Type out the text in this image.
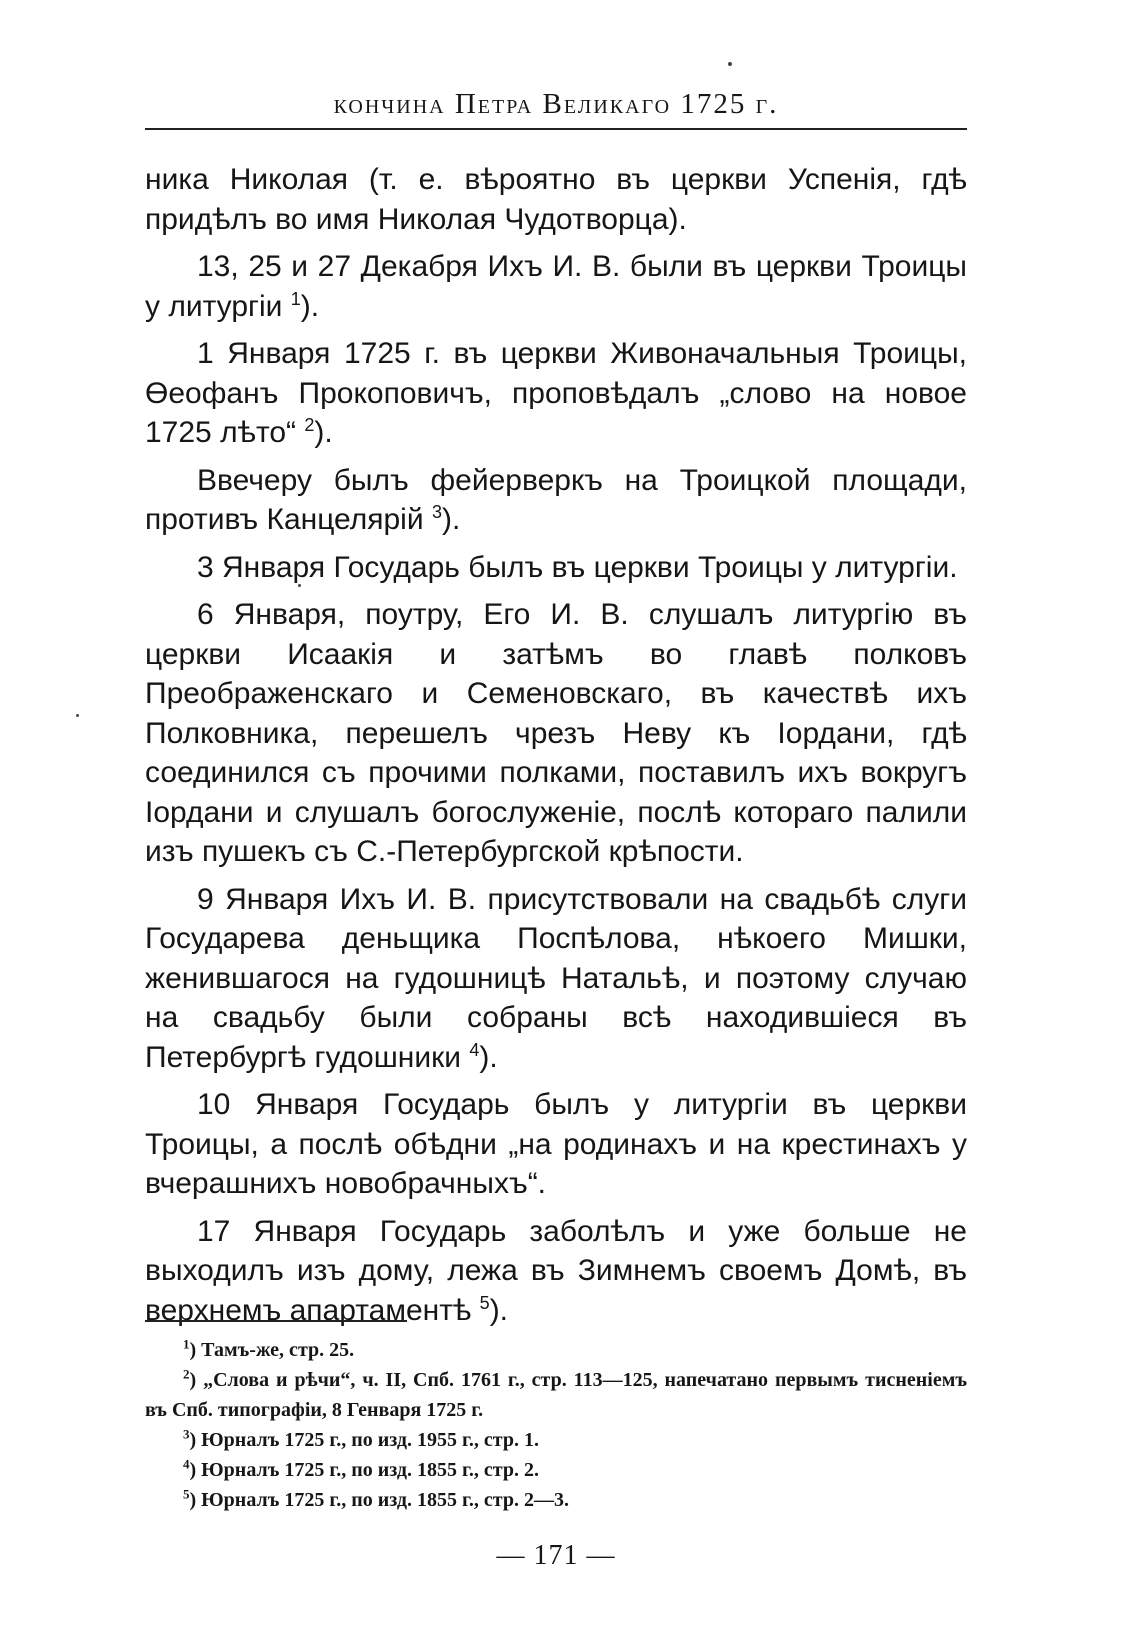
кончина Петра Великаго 1725 г.

ника Николая (т. е. вѣроятно въ церкви Успенія, гдѣ придѣлъ во имя Николая Чудотворца).

13, 25 и 27 Декабря Ихъ И. В. были въ церкви Троицы у литургіи $^1$).

1 Января 1725 г. въ церкви Живоначальныя Троицы, Өеофанъ Прокоповичъ, проповѣдалъ „слово на новое 1725 лѣто“ $^2$).

Ввечеру былъ фейерверкъ на Троицкой площади, противъ Канцелярій $^3$).

3 Января Государь былъ въ церкви Троицы у литургіи.

6 Января, поутру, Его И. В. слушалъ литургію въ церкви Исаакія и затѣмъ во главѣ полковъ Преображенскаго и Семеновскаго, въ качествѣ ихъ Полковника, перешелъ чрезъ Неву къ Іордани, гдѣ соединился съ прочими полками, поставилъ ихъ вокругъ Іордани и слушалъ богослуженіе, послѣ котораго палили изъ пушекъ съ С.-Петербургской крѣпости.

9 Января Ихъ И. В. присутствовали на свадьбѣ слуги Государева деньщика Поспѣлова, нѣкоего Мишки, женившагося на гудошницѣ Натальѣ, и поэтому случаю на свадьбу были собраны всѣ находившіеся въ Петербургѣ гудошники $^4$).

10 Января Государь былъ у литургіи въ церкви Троицы, а послѣ обѣдни „на родинахъ и на крестинахъ у вчерашнихъ новобрачныхъ“.

17 Января Государь заболѣлъ и уже больше не выходилъ изъ дому, лежа въ Зимнемъ своемъ Домѣ, въ верхнемъ апартаментѣ $^5$).

$^1$) Тамъ-же, стр. 25.
$^2$) „Слова и рѣчи“, ч. II, Спб. 1761 г., стр. 113—125, напечатано первымъ тисненіемъ въ Спб. типографіи, 8 Генваря 1725 г.
$^3$) Юрналъ 1725 г., по изд. 1955 г., стр. 1.
$^4$) Юрналъ 1725 г., по изд. 1855 г., стр. 2.
$^5$) Юрналъ 1725 г., по изд. 1855 г., стр. 2—3.
— 171 —
